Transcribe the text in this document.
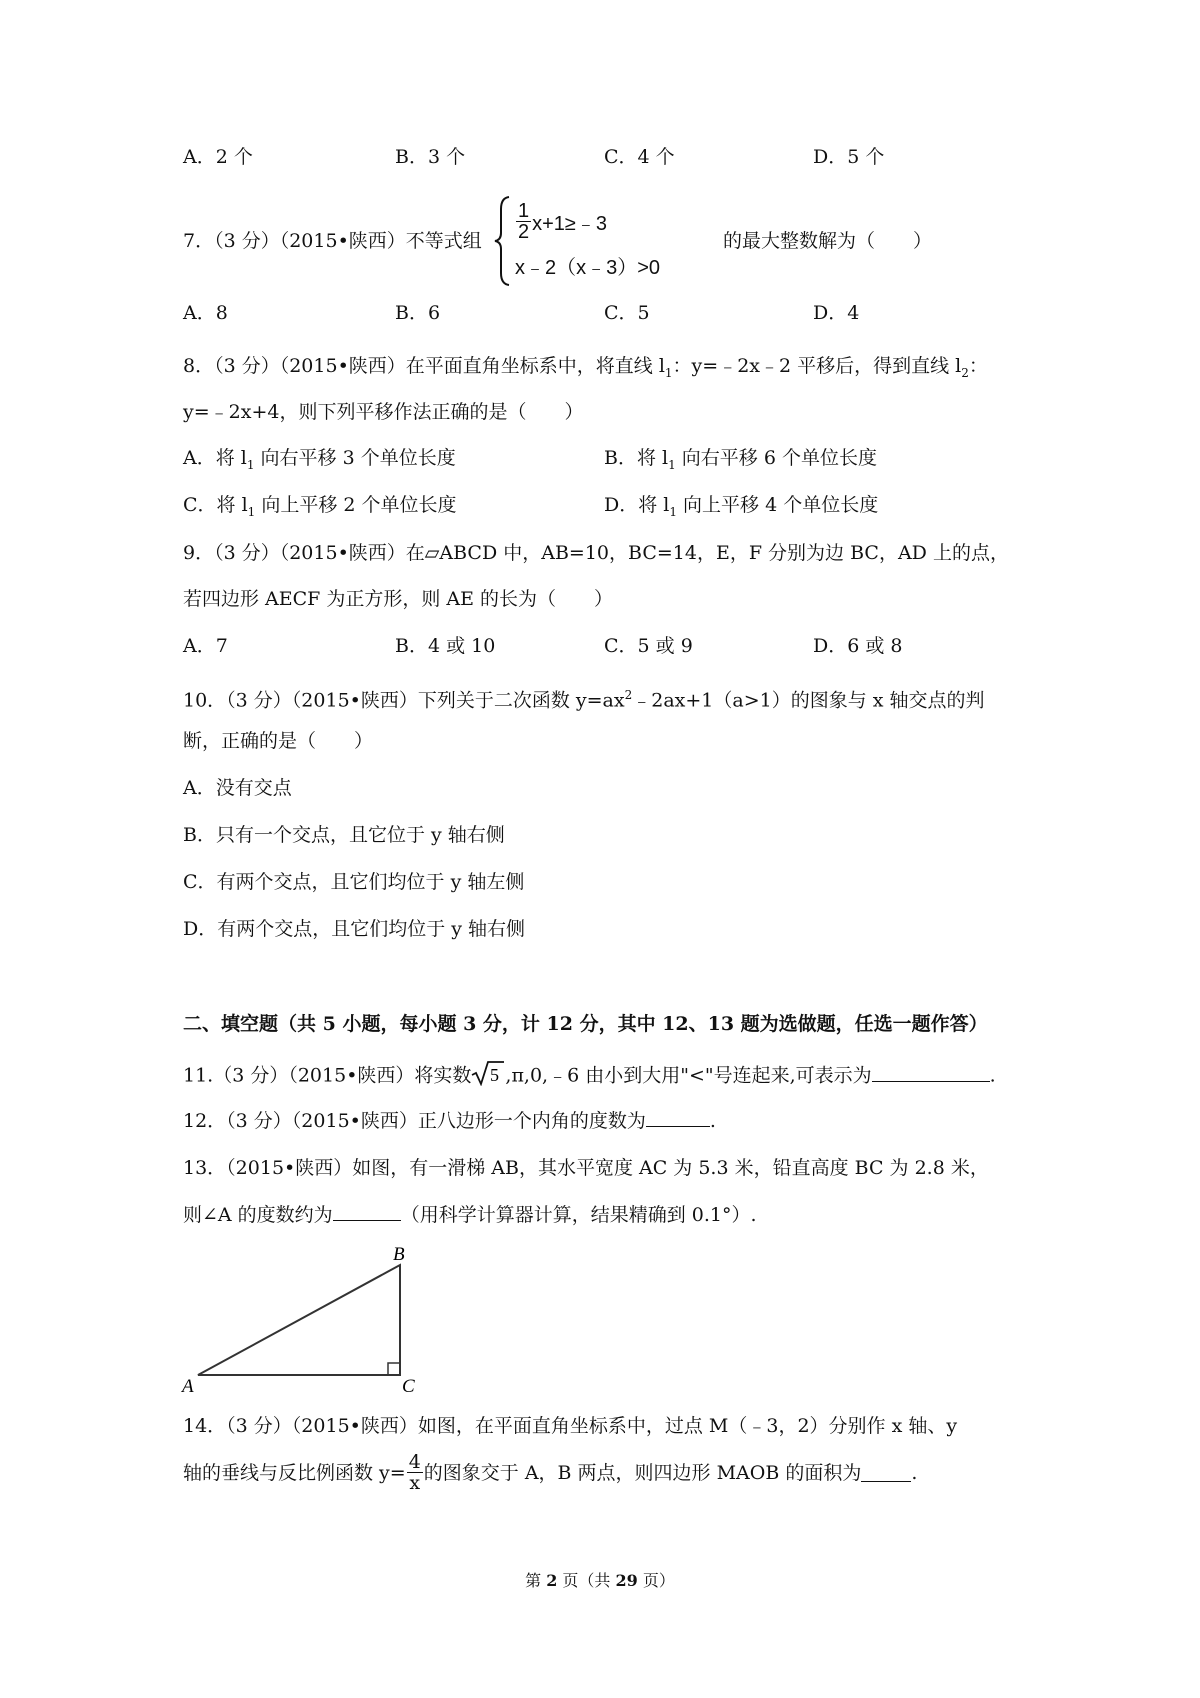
A．2 个	B．3 个	C．4 个	D．5 个
7．（3 分）（2015•陕西）不等式组 $\frac{1}{2}$ x+1≥﹣3
x﹣2（x﹣3）>0
的最大整数解为（　　）
A．8	B．6	C．5	D．4
8．（3 分）（2015•陕西）在平面直角坐标系中，将直线 $l_1$：y=﹣2x﹣2 平移后，得到直线 $l_2$：
y=﹣2x+4，则下列平移作法正确的是（　　）
A．将 $l_1$ 向右平移 3 个单位长度	B．将 $l_1$ 向右平移 6 个单位长度
C．将 $l_1$ 向上平移 2 个单位长度	D．将 $l_1$ 向上平移 4 个单位长度
9．（3 分）（2015•陕西）在▱ABCD 中，AB=10，BC=14，E，F 分别为边 BC，AD 上的点，
若四边形 AECF 为正方形，则 AE 的长为（　　）
A．7	B．4 或 10	C．5 或 9	D．6 或 8
10．（3 分）（2015•陕西）下列关于二次函数 $y=ax^2﹣2ax+1(a>1)$的图象与 x 轴交点的判
断，正确的是（　　）
A．没有交点
B．只有一个交点，且它位于 y 轴右侧
C．有两个交点，且它们均位于 y 轴左侧
D．有两个交点，且它们均位于 y 轴右侧
二、填空题（共 5 小题，每小题 3 分，计 12 分，其中 12、13 题为选做题，任选一题作答）
11.（3 分）（2015•陕西）将实数 5 ,π,0,﹣6 由小到大用"<"号连起来,可表示为	.
12．（3 分）（2015•陕西）正八边形一个内角的度数为	.
13．（2015•陕西）如图，有一滑梯 AB，其水平宽度 AC 为 5.3 米，铅直高度 BC 为 2.8 米，
则∠A 的度数约为	（用科学计算器计算，结果精确到 0.1°）.
A
B
C
14．（3 分）（2015•陕西）如图，在平面直角坐标系中，过点 M（﹣3，2）分别作 x 轴、y
轴的垂线与反比例函数 $y= \frac{4}{x}$ 的图象交于 A，B 两点，则四边形 MAOB 的面积为	.
第 2 页（共 29 页）
